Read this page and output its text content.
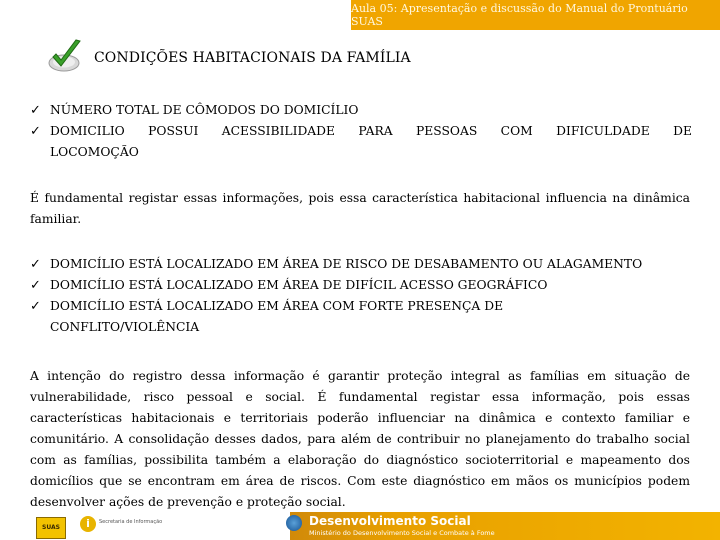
Aula 05: Apresentação e discussão do Manual do Prontuário SUAS
CONDIÇÕES HABITACIONAIS DA FAMÍLIA
✓ NÚMERO TOTAL DE CÔMODOS DO DOMICÍLIO
✓ DOMICILIO POSSUI ACESSIBILIDADE PARA PESSOAS COM DIFICULDADE DE
LOCOMOÇÃO

É fundamental registar essas informações, pois essa característica habitacional influencia na dinâmica familiar.

✓ DOMICÍLIO ESTÁ LOCALIZADO EM ÁREA DE RISCO DE DESABAMENTO OU ALAGAMENTO
✓ DOMICÍLIO ESTÁ LOCALIZADO EM ÁREA DE DIFÍCIL ACESSO GEOGRÁFICO
✓ DOMICÍLIO ESTÁ LOCALIZADO EM ÁREA COM FORTE PRESENÇA DE
CONFLITO/VIOLÊNCIA

A intenção do registro dessa informação é garantir proteção integral as famílias em situação de vulnerabilidade, risco pessoal e social. É fundamental registar essa informação, pois essas características habitacionais e territoriais poderão influenciar na dinâmica e contexto familiar e comunitário. A consolidação desses dados, para além de contribuir no planejamento do trabalho social com as famílias, possibilita também a elaboração do diagnóstico socioterritorial e mapeamento dos domicílios que se encontram em área de riscos. Com este diagnóstico em mãos os municípios podem desenvolver ações de prevenção e proteção social.

SUAS	i	Secretaria de Informação	Desenvolvimento Social
Ministério do Desenvolvimento Social e Combate à Fome
